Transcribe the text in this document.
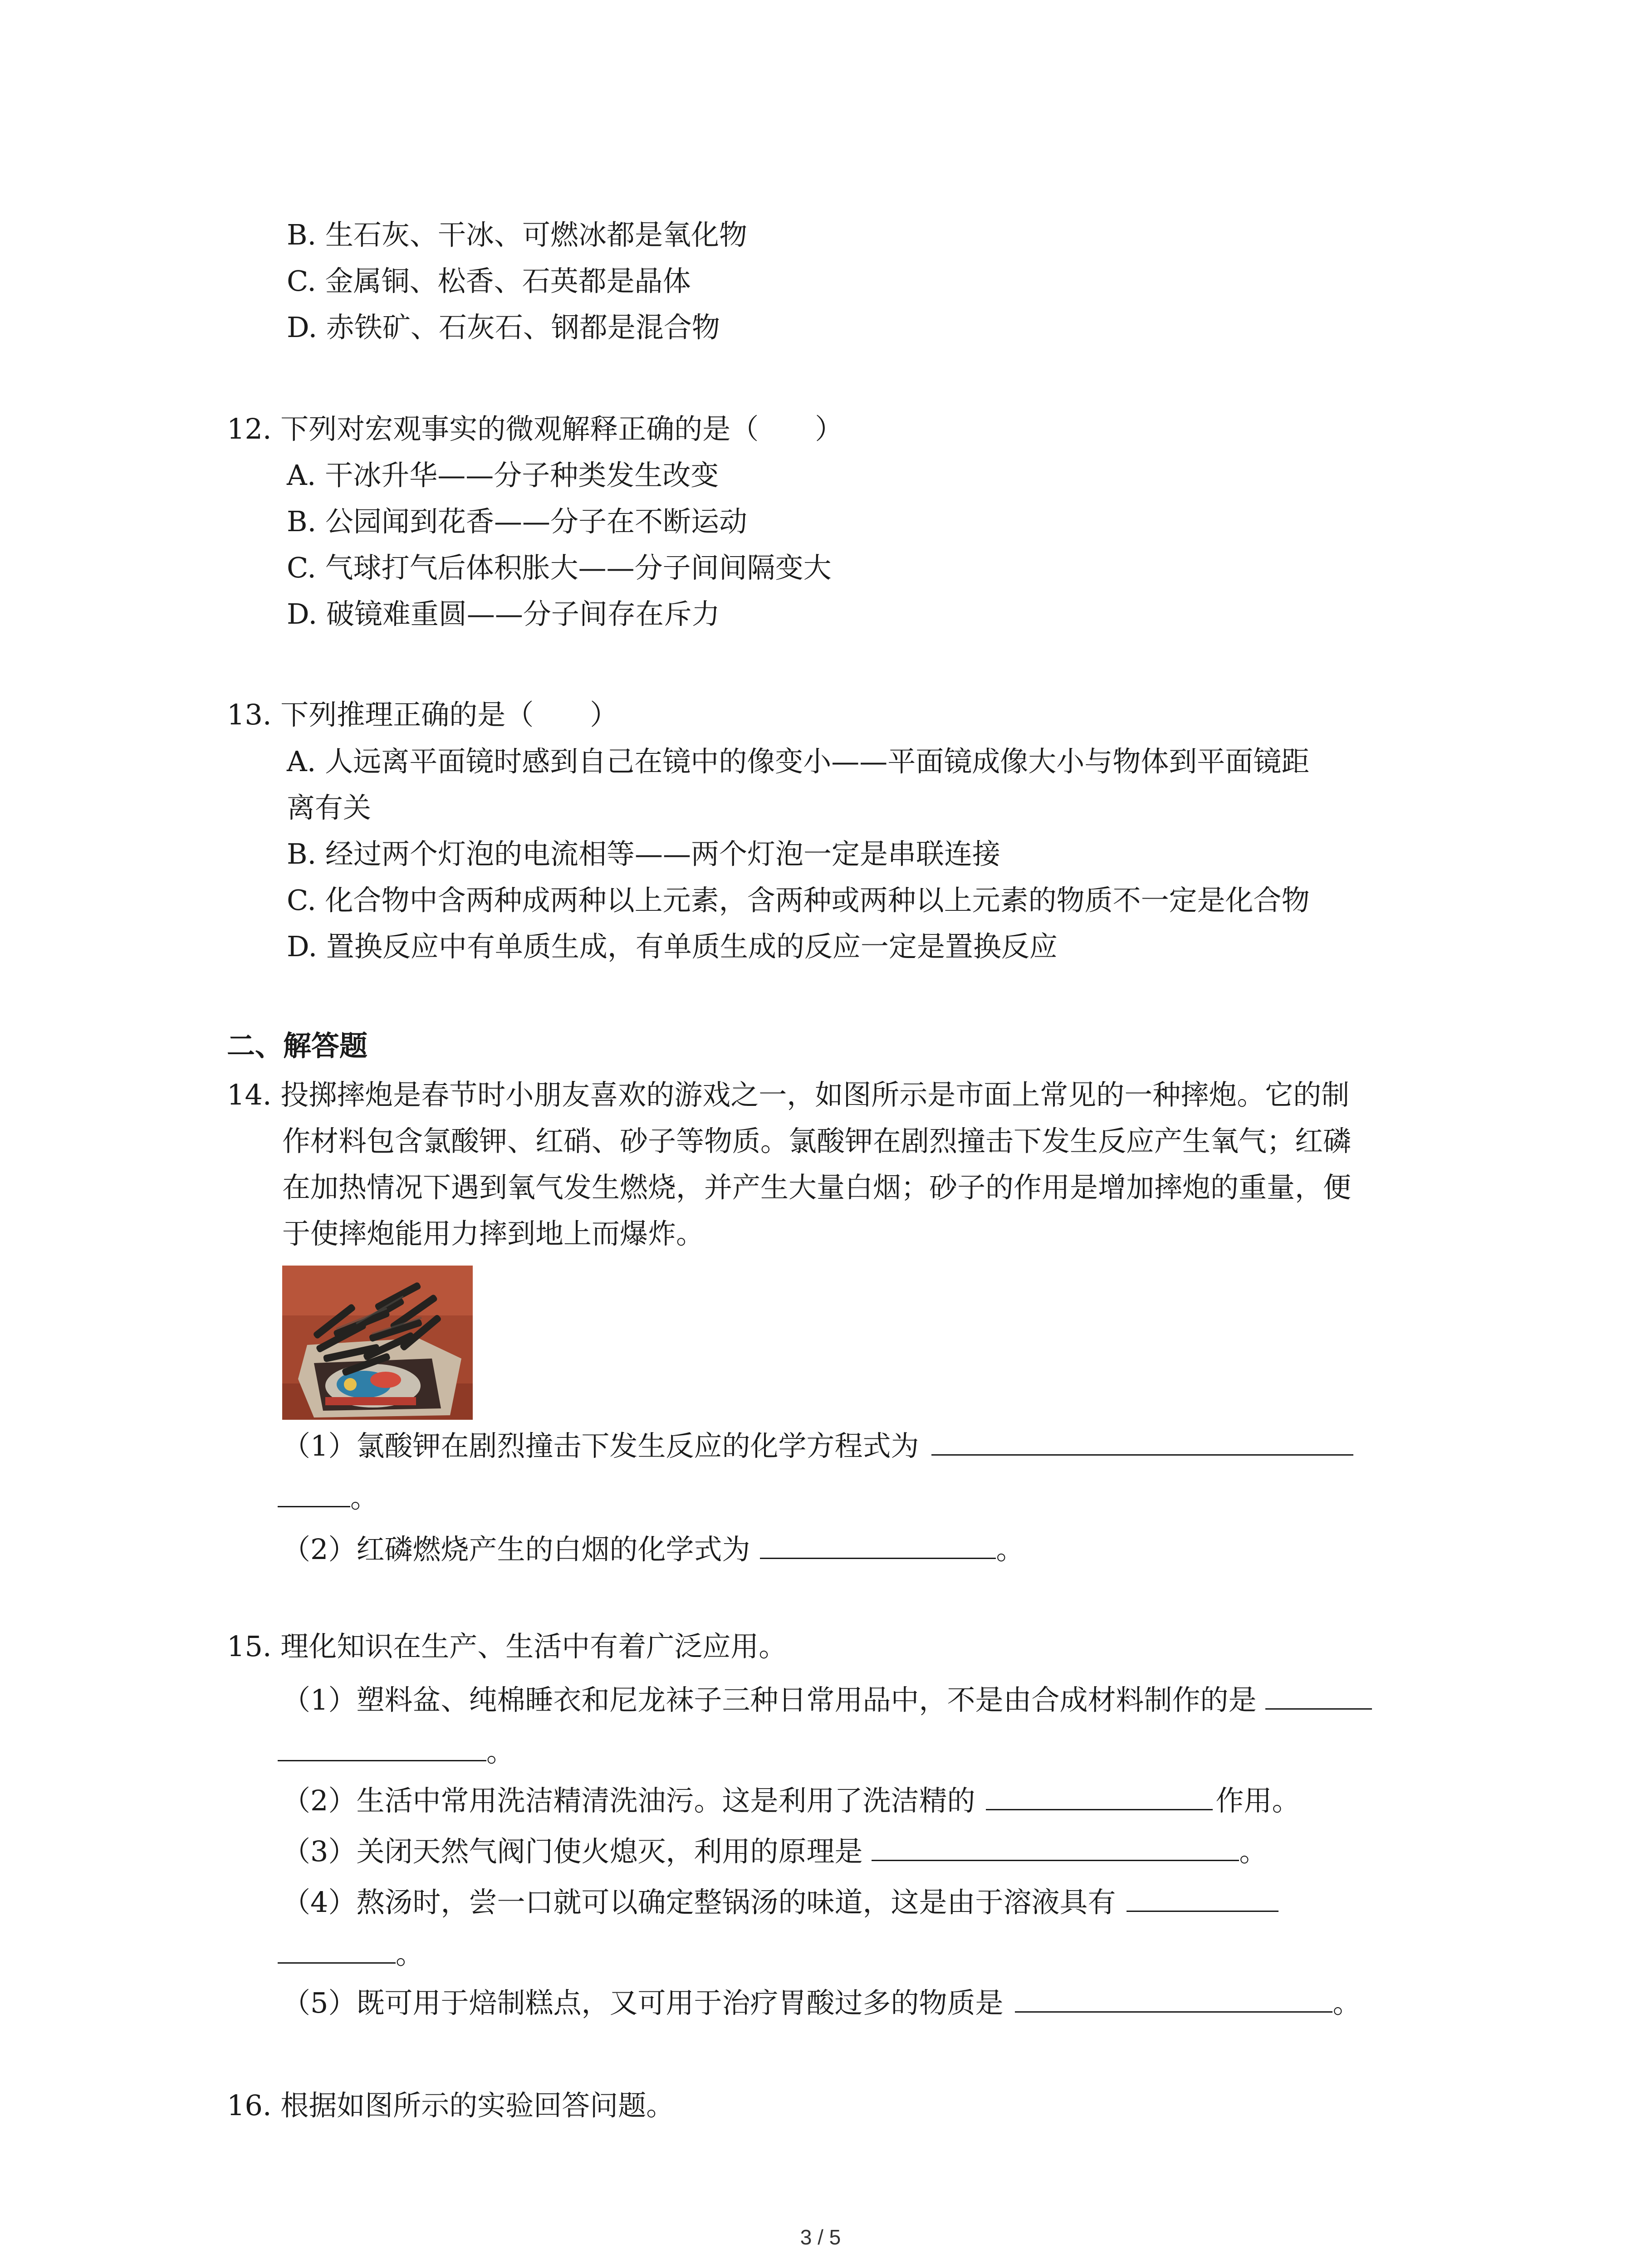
B. 生石灰、干冰、可燃冰都是氧化物
C. 金属铜、松香、石英都是晶体
D. 赤铁矿、石灰石、钢都是混合物
12. 下列对宏观事实的微观解释正确的是（　　）
A. 干冰升华——分子种类发生改变
B. 公园闻到花香——分子在不断运动
C. 气球打气后体积胀大——分子间间隔变大
D. 破镜难重圆——分子间存在斥力
13. 下列推理正确的是（　　）
A. 人远离平面镜时感到自己在镜中的像变小——平面镜成像大小与物体到平面镜距
离有关
B. 经过两个灯泡的电流相等——两个灯泡一定是串联连接
C. 化合物中含两种成两种以上元素，含两种或两种以上元素的物质不一定是化合物
D. 置换反应中有单质生成，有单质生成的反应一定是置换反应
二、解答题
14. 投掷摔炮是春节时小朋友喜欢的游戏之一，如图所示是市面上常见的一种摔炮。它的制
作材料包含氯酸钾、红硝、砂子等物质。氯酸钾在剧烈撞击下发生反应产生氧气；红磷
在加热情况下遇到氧气发生燃烧，并产生大量白烟；砂子的作用是增加摔炮的重量，便
于使摔炮能用力摔到地上而爆炸。
（1）氯酸钾在剧烈撞击下发生反应的化学方程式为
。
（2）红磷燃烧产生的白烟的化学式为	。
15. 理化知识在生产、生活中有着广泛应用。
（1）塑料盆、纯棉睡衣和尼龙袜子三种日常用品中，不是由合成材料制作的是
。
（2）生活中常用洗洁精清洗油污。这是利用了洗洁精的	作用。
（3）关闭天然气阀门使火熄灭，利用的原理是	。
（4）熬汤时，尝一口就可以确定整锅汤的味道，这是由于溶液具有
。
（5）既可用于焙制糕点，又可用于治疗胃酸过多的物质是	。
16. 根据如图所示的实验回答问题。
3 / 5
